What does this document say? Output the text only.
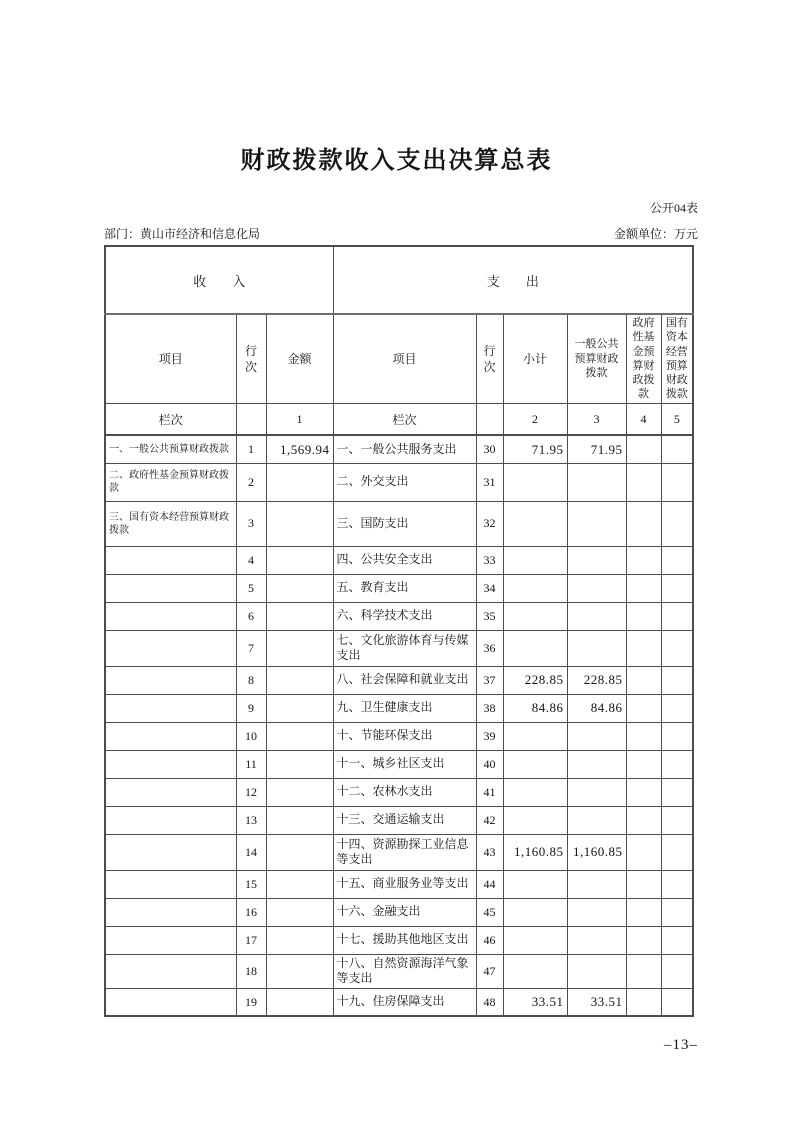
财政拨款收入支出决算总表
公开04表
部门：黄山市经济和信息化局	金额单位：万元
收　　入			支　　出					
项目	行次	金额	项目	行次	小计	一般公共预算财政拨款	政府性基金预算财政拨款	国有资本经营预算财政拨款
栏次		1	栏次		2	3	4	5
一、一般公共预算财政拨款	1	1,569.94	一、一般公共服务支出	30	71.95	71.95		
二、政府性基金预算财政拨款	2		二、外交支出	31				
三、国有资本经营预算财政拨款	3		三、国防支出	32				
	4		四、公共安全支出	33				
	5		五、教育支出	34				
	6		六、科学技术支出	35				
	7		七、文化旅游体育与传媒支出	36				
	8		八、社会保障和就业支出	37	228.85	228.85		
	9		九、卫生健康支出	38	84.86	84.86		
	10		十、节能环保支出	39				
	11		十一、城乡社区支出	40				
	12		十二、农林水支出	41				
	13		十三、交通运输支出	42				
	14		十四、资源勘探工业信息等支出	43	1,160.85	1,160.85		
	15		十五、商业服务业等支出	44				
	16		十六、金融支出	45				
	17		十七、援助其他地区支出	46				
	18		十八、自然资源海洋气象等支出	47				
	19		十九、住房保障支出	48	33.51	33.51		
–13–
